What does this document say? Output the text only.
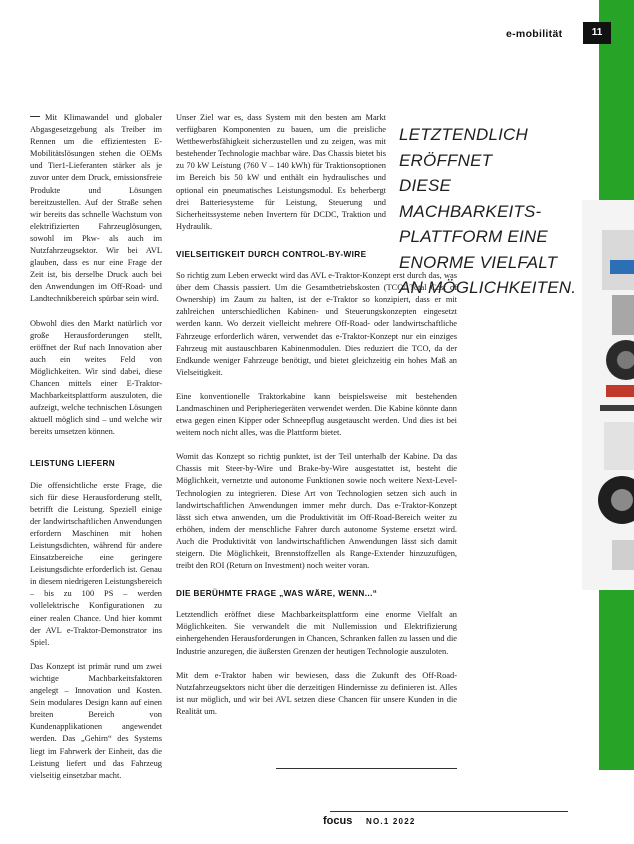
e-mobilität	11

Mit Klimawandel und globaler Abgasgesetzgebung als Treiber im Rennen um die effizientesten E-Mobilitätslösungen stehen die OEMs und Tier1-Lieferanten stärker als je zuvor unter dem Druck, emissionsfreie Produkte und Lösungen bereitzustellen. Auf der Straße sehen wir bereits das schnelle Wachstum von elektrifizierten Fahrzeuglösungen, sowohl im Pkw- als auch im Nutzfahrzeugsektor. Wir bei AVL glauben, dass es nur eine Frage der Zeit ist, bis derselbe Druck auch bei den Anwendungen im Off-Road- und Landtechnikbereich spürbar sein wird.

Obwohl dies den Markt natürlich vor große Herausforderungen stellt, eröffnet der Ruf nach Innovation aber auch ein weites Feld von Möglichkeiten. Wir sind dabei, diese Chancen mittels einer E-Traktor-Machbarkeitsplattform auszuloten, die aufzeigt, welche technischen Lösungen aktuell möglich sind – und welche wir bereits umsetzen können.

LEISTUNG LIEFERN

Die offensichtliche erste Frage, die sich für diese Herausforderung stellt, betrifft die Leistung. Speziell einige der landwirtschaftlichen Anwendungen erfordern Maschinen mit hohen Leistungsdichten, während für andere Einsatzbereiche eine geringere Leistungsdichte erforderlich ist. Genau in diesem niedrigeren Leistungsbereich – bis zu 100 PS – werden vollelektrische Konfigurationen zu einer realen Chance. Und hier kommt der AVL e-Traktor-Demonstrator ins Spiel.

Das Konzept ist primär rund um zwei wichtige Machbarkeitsfaktoren angelegt – Innovation und Kosten. Sein modulares Design kann auf einen breiten Bereich von Kundenapplikationen angewendet werden. Das „Gehirn“ des Systems liegt im Fahrwerk der Einheit, das die Leistung liefert und das Fahrzeug vielseitig einsetzbar macht.

Unser Ziel war es, dass System mit den besten am Markt verfügbaren Komponenten zu bauen, um die preisliche Wettbewerbsfähigkeit sicherzustellen und zu zeigen, was mit bestehender Technologie machbar wäre. Das Chassis bietet bis zu 70 kW Leistung (760 V – 140 kWh) für Traktionsoptionen im Bereich bis 50 kW und enthält ein hydraulisches und optional ein pneumatisches Leistungsmodul. Es beherbergt drei Batteriesysteme für Leistung, Steuerung und Sicherheitssysteme neben Invertern für DCDC, Traktion und Hydraulik.

VIELSEITIGKEIT DURCH CONTROL-BY-WIRE

So richtig zum Leben erweckt wird das AVL e-Traktor-Konzept erst durch das, was über dem Chassis passiert. Um die Gesamtbetriebskosten (TCO/ Total Cost of Ownership) im Zaum zu halten, ist der e-Traktor so konzipiert, dass er mit zahlreichen unterschiedlichen Kabinen- und Steuerungskonzepten eingesetzt werden kann. Wo derzeit vielleicht mehrere Off-Road- oder landwirtschaftliche Fahrzeuge erforderlich wären, verwendet das e-Traktor-Konzept nur ein einziges Fahrzeug mit austauschbaren Kabinenmodulen. Dies reduziert die TCO, da der Endkunde weniger Fahrzeuge benötigt, und bietet gleichzeitig ein hohes Maß an Vielseitigkeit.

Eine konventionelle Traktorkabine kann beispielsweise mit bestehenden Landmaschinen und Peripheriegeräten verwendet werden. Die Kabine könnte dann etwa gegen einen Kipper oder Schneepflug ausgetauscht werden. Und dies ist bei weitem noch nicht alles, was die Plattform bietet.

Womit das Konzept so richtig punktet, ist der Teil unterhalb der Kabine. Da das Chassis mit Steer-by-Wire und Brake-by-Wire ausgestattet ist, besteht die Möglichkeit, vernetzte und autonome Funktionen sowie noch weitere Next-Level-Technologien zu integrieren. Diese Art von Technologien setzen sich auch in landwirtschaftlichen Anwendungen immer mehr durch. Das e-Traktor-Konzept lässt sich etwa anwenden, um die Produktivität im Off-Road-Bereich weiter zu erhöhen, indem der menschliche Fahrer durch autonome Systeme ersetzt wird. Auch die Produktivität von landwirtschaftlichen Anwendungen lässt sich damit steigern. Die Möglichkeit, Brennstoffzellen als Range-Extender hinzuzufügen, treibt den ROI (Return on Investment) noch weiter voran.

DIE BERÜHMTE FRAGE „WAS WÄRE, WENN...“

Letztendlich eröffnet diese Machbarkeitsplattform eine enorme Vielfalt an Möglichkeiten. Sie verwandelt die mit Nullemission und Elektrifizierung einhergehenden Herausforderungen in Chancen, Schranken fallen zu lassen und die Industrie anzuregen, die äußersten Grenzen der heutigen Technologie auszuloten.

Mit dem e-Traktor haben wir bewiesen, dass die Zukunft des Off-Road-Nutzfahrzeugsektors nicht über die derzeitigen Hindernisse zu definieren ist. Alles ist nur möglich, und wir bei AVL setzen diese Chancen für unsere Kunden in die Realität um.

LETZTENDLICH ERÖFFNET
DIESE MACHBARKEITS-
PLATTFORM EINE
ENORME VIELFALT
AN MÖGLICHKEITEN.
focus NO.1 2022
